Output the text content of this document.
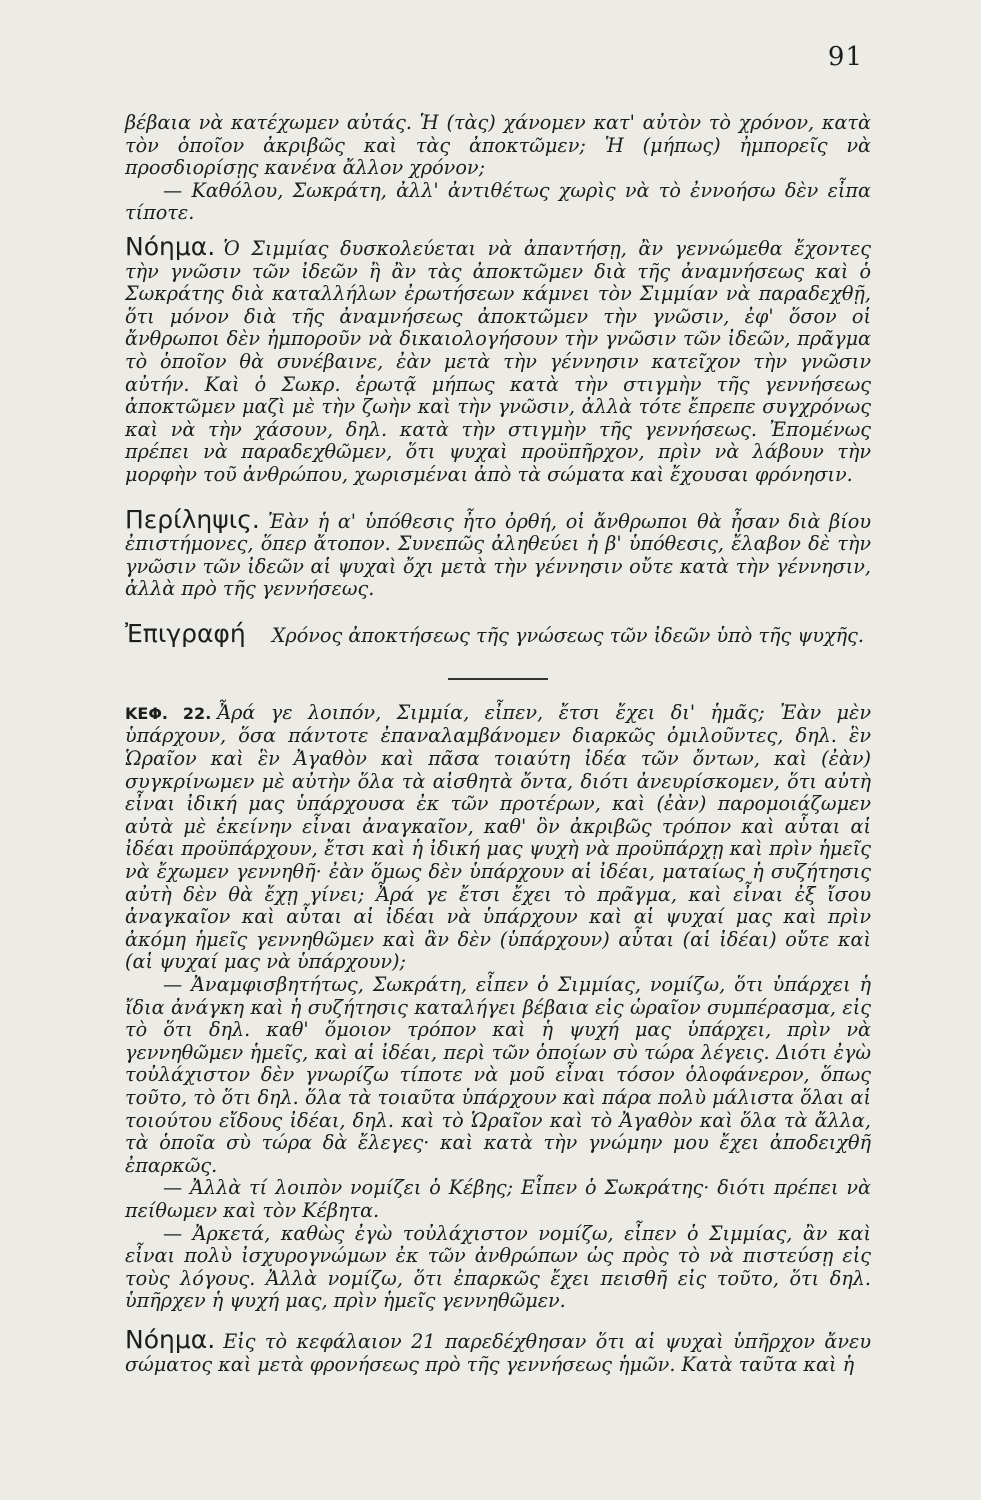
91

βέβαια νὰ κατέχωμεν αὐτάς. Ἡ (τὰς) χάνομεν κατ' αὐτὸν τὸ χρόνον, κατὰ τὸν ὁποῖον ἀκριβῶς καὶ τὰς ἀποκτῶμεν; Ἡ (μήπως) ἠμπορεῖς νὰ προσδιορίσῃς κανένα ἄλλον χρόνον;

— Καθόλου, Σωκράτη, ἀλλ' ἀντιθέτως χωρὶς νὰ τὸ ἐννοήσω δὲν εἶπα τίποτε.

Νόημα. Ὁ Σιμμίας δυσκολεύεται νὰ ἀπαντήσῃ, ἂν γεννώμεθα ἔχοντες τὴν γνῶσιν τῶν ἰδεῶν ἢ ἂν τὰς ἀποκτῶμεν διὰ τῆς ἀναμνήσεως καὶ ὁ Σωκράτης διὰ καταλλήλων ἐρωτήσεων κάμνει τὸν Σιμμίαν νὰ παραδεχθῇ, ὅτι μόνον διὰ τῆς ἀναμνήσεως ἀποκτῶμεν τὴν γνῶσιν, ἐφ' ὅσον οἱ ἄνθρωποι δὲν ἠμποροῦν νὰ δικαιολογήσουν τὴν γνῶσιν τῶν ἰδεῶν, πρᾶγμα τὸ ὁποῖον θὰ συνέβαινε, ἐὰν μετὰ τὴν γέννησιν κατεῖχον τὴν γνῶσιν αὐτήν. Καὶ ὁ Σωκρ. ἐρωτᾷ μήπως κατὰ τὴν στιγμὴν τῆς γεννήσεως ἀποκτῶμεν μαζὶ μὲ τὴν ζωὴν καὶ τὴν γνῶσιν, ἀλλὰ τότε ἔπρεπε συγχρόνως καὶ νὰ τὴν χάσουν, δηλ. κατὰ τὴν στιγμὴν τῆς γεννήσεως. Ἐπομένως πρέπει νὰ παραδεχθῶμεν, ὅτι ψυχαὶ προϋπῆρχον, πρὶν νὰ λάβουν τὴν μορφὴν τοῦ ἀνθρώπου, χωρισμέναι ἀπὸ τὰ σώματα καὶ ἔχουσαι φρόνησιν.

Περίληψις. Ἐὰν ἡ α' ὑπόθεσις ἦτο ὀρθή, οἱ ἄνθρωποι θὰ ἦσαν διὰ βίου ἐπιστήμονες, ὅπερ ἄτοπον. Συνεπῶς ἀληθεύει ἡ β' ὑπόθεσις, ἔλαβον δὲ τὴν γνῶσιν τῶν ἰδεῶν αἱ ψυχαὶ ὄχι μετὰ τὴν γέννησιν οὔτε κατὰ τὴν γέννησιν, ἀλλὰ πρὸ τῆς γεννήσεως.

Ἐπιγραφή Χρόνος ἀποκτήσεως τῆς γνώσεως τῶν ἰδεῶν ὑπὸ τῆς ψυχῆς.

ΚΕΦ. 22. Ἆρά γε λοιπόν, Σιμμία, εἶπεν, ἔτσι ἔχει δι' ἡμᾶς; Ἐὰν μὲν ὑπάρχουν, ὅσα πάντοτε ἐπαναλαμβάνομεν διαρκῶς ὁμιλοῦντες, δηλ. ἓν Ὡραῖον καὶ ἓν Ἀγαθὸν καὶ πᾶσα τοιαύτη ἰδέα τῶν ὄντων, καὶ (ἐὰν) συγκρίνωμεν μὲ αὐτὴν ὅλα τὰ αἰσθητὰ ὄντα, διότι ἀνευρίσκομεν, ὅτι αὐτὴ εἶναι ἰδική μας ὑπάρχουσα ἐκ τῶν προτέρων, καὶ (ἐὰν) παρομοιάζωμεν αὐτὰ μὲ ἐκείνην εἶναι ἀναγκαῖον, καθ' ὃν ἀκριβῶς τρόπον καὶ αὗται αἱ ἰδέαι προϋπάρχουν, ἔτσι καὶ ἡ ἰδική μας ψυχὴ νὰ προϋπάρχῃ καὶ πρὶν ἡμεῖς νὰ ἔχωμεν γεννηθῆ· ἐὰν ὅμως δὲν ὑπάρχουν αἱ ἰδέαι, ματαίως ἡ συζήτησις αὐτὴ δὲν θὰ ἔχῃ γίνει; Ἆρά γε ἔτσι ἔχει τὸ πρᾶγμα, καὶ εἶναι ἐξ ἴσου ἀναγκαῖον καὶ αὗται αἱ ἰδέαι νὰ ὑπάρχουν καὶ αἱ ψυχαί μας καὶ πρὶν ἀκόμη ἡμεῖς γεννηθῶμεν καὶ ἂν δὲν (ὑπάρχουν) αὗται (αἱ ἰδέαι) οὔτε καὶ (αἱ ψυχαί μας νὰ ὑπάρχουν);

— Ἀναμφισβητήτως, Σωκράτη, εἶπεν ὁ Σιμμίας, νομίζω, ὅτι ὑπάρχει ἡ ἴδια ἀνάγκη καὶ ἡ συζήτησις καταλήγει βέβαια εἰς ὡραῖον συμπέρασμα, εἰς τὸ ὅτι δηλ. καθ' ὅμοιον τρόπον καὶ ἡ ψυχή μας ὑπάρχει, πρὶν νὰ γεννηθῶμεν ἡμεῖς, καὶ αἱ ἰδέαι, περὶ τῶν ὁποίων σὺ τώρα λέγεις. Διότι ἐγὼ τοὐλάχιστον δὲν γνωρίζω τίποτε νὰ μοῦ εἶναι τόσον ὁλοφάνερον, ὅπως τοῦτο, τὸ ὅτι δηλ. ὅλα τὰ τοιαῦτα ὑπάρχουν καὶ πάρα πολὺ μάλιστα ὅλαι αἱ τοιούτου εἴδους ἰδέαι, δηλ. καὶ τὸ Ὡραῖον καὶ τὸ Ἀγαθὸν καὶ ὅλα τὰ ἄλλα, τὰ ὁποῖα σὺ τώρα δὰ ἔλεγες· καὶ κατὰ τὴν γνώμην μου ἔχει ἀποδειχθῆ ἐπαρκῶς.

— Ἀλλὰ τί λοιπὸν νομίζει ὁ Κέβης; Εἶπεν ὁ Σωκράτης· διότι πρέπει νὰ πείθωμεν καὶ τὸν Κέβητα.

— Ἀρκετά, καθὼς ἐγὼ τοὐλάχιστον νομίζω, εἶπεν ὁ Σιμμίας, ἂν καὶ εἶναι πολὺ ἰσχυρογνώμων ἐκ τῶν ἀνθρώπων ὡς πρὸς τὸ νὰ πιστεύσῃ εἰς τοὺς λόγους. Ἀλλὰ νομίζω, ὅτι ἐπαρκῶς ἔχει πεισθῆ εἰς τοῦτο, ὅτι δηλ. ὑπῆρχεν ἡ ψυχή μας, πρὶν ἡμεῖς γεννηθῶμεν.

Νόημα. Εἰς τὸ κεφάλαιον 21 παρεδέχθησαν ὅτι αἱ ψυχαὶ ὑπῆρχον ἄνευ σώματος καὶ μετὰ φρονήσεως πρὸ τῆς γεννήσεως ἡμῶν. Κατὰ ταῦτα καὶ ἡ
